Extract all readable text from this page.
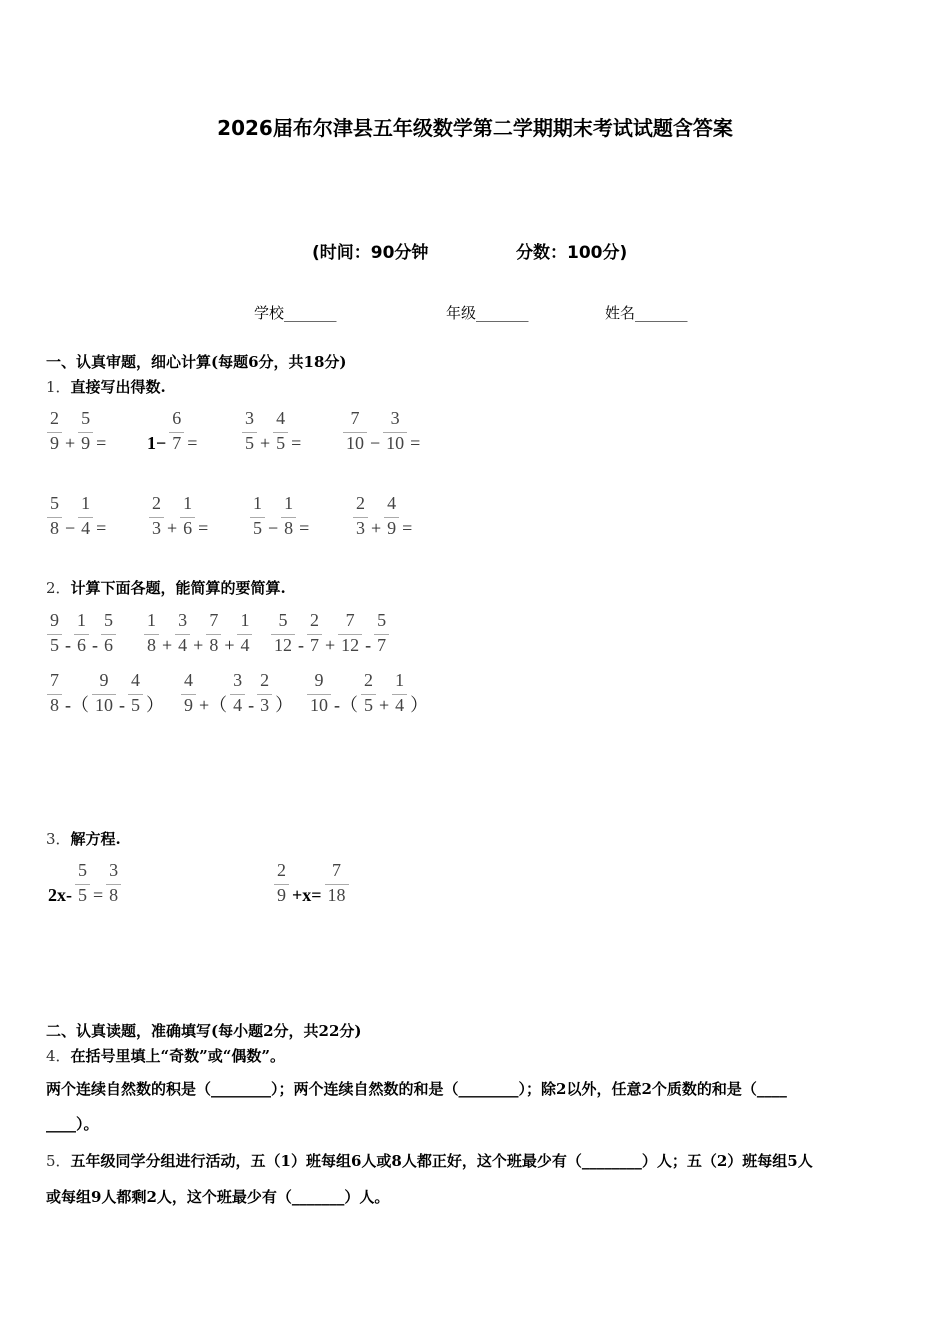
2026届布尔津县五年级数学第二学期期末考试试题含答案
(时间：90分钟	分数：100分)
学校_______	年级_______	姓名_______
一、认真审题，细心计算(每题6分，共18分)
1．直接写出得数.
$\frac{2}{9} + \frac{5}{9} = 1- \frac{6}{7} = \frac{3}{5} + \frac{4}{5} = \frac{7}{10} - \frac{3}{10}$ =
$\frac{5}{8} - \frac{1}{4} = \frac{2}{3} + \frac{1}{6} = \frac{1}{5} - \frac{1}{8} = \frac{2}{3} + \frac{4}{9}$ =
2．计算下面各题，能简算的要简算.
$\frac{9}{5} - \frac{1}{6} - \frac{5}{6} \frac{1}{8} + \frac{3}{4} + \frac{7}{8} + \frac{1}{4} \frac{5}{12} - \frac{2}{7} + \frac{7}{12} - \frac{5}{7}$
$\frac{7}{8}$ -（ $\frac{9}{10} - \frac{4}{5}$ ） $\frac{4}{9}$ +（ $\frac{3}{4} - \frac{2}{3}$ ） $\frac{9}{10}$ -（ $\frac{2}{5} + \frac{1}{4}$ ）
3．解方程.
$2x- \frac{5}{5} = \frac{3}{8}$	$\frac{2}{9} +x= \frac{7}{18}$
二、认真读题，准确填写(每小题2分，共22分)
4．在括号里填上“奇数”或“偶数”。
两个连续自然数的积是（________）；两个连续自然数的和是（________）；除2以外，任意2个质数的和是（____
____）。
5．五年级同学分组进行活动，五（1）班每组6人或8人都正好，这个班最少有（________）人；五（2）班每组5人
或每组9人都剩2人，这个班最少有（_______）人。
